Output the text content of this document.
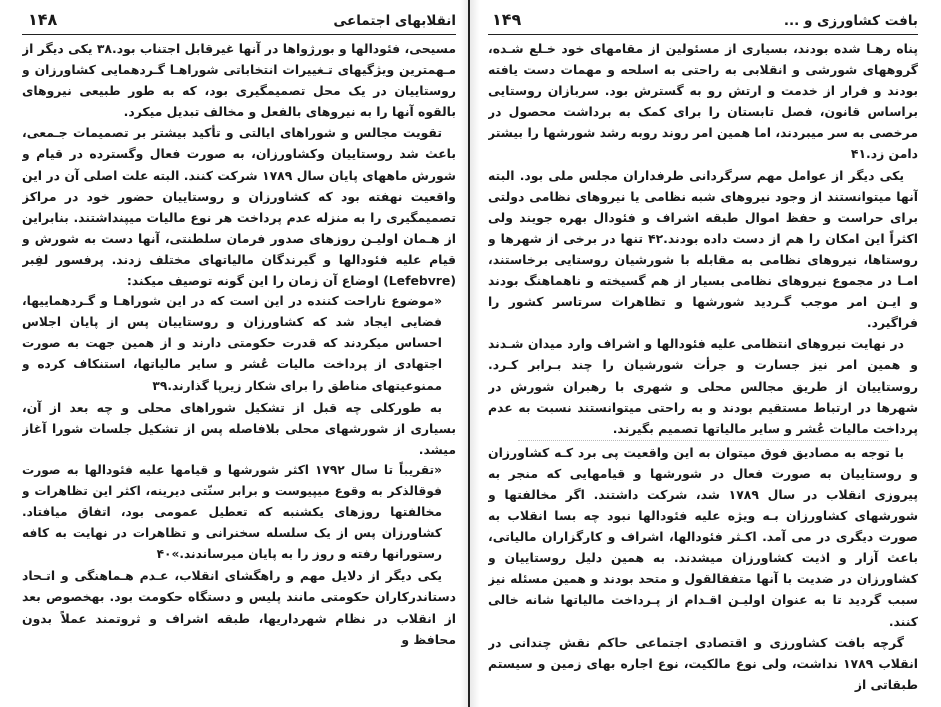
انقلابهای اجتماعی
۱۴۸

مسیحی، فئودالها و بورژواها در آنها غیرقابل اجتناب بود.۳۸ یکی دیگر از مـهمترین ویژگیهای تـغییرات انتخاباتی شوراهـا گـردهمایی کشاورزان و روستاییان در یک محل تصمیمگیری بود، که به طور طبیعی نیروهای بالقوه آنها را به نیروهای بالفعل و مخالف تبدیل میکرد.

تقویت مجالس و شوراهای ایالتی و تأکید بیشتر بر تصمیمات جـمعی، باعث شد روستاییان وکشاورزان، به صورت فعال وگسترده در قیام و شورش ماههای پایان سال ۱۷۸۹ شرکت کنند. البته علت اصلی آن در این واقعیت نهفته بود که کشاورزان و روستاییان حضور خود در مراکز تصمیمگیری را به منزله عدم پرداخت هر نوع مالیات میپنداشتند. بنابراین از هـمان اولیـن روزهای صدور فرمان سلطنتی، آنها دست به شورش و قیام علیه فئودالها و گیرندگان مالیاتهای مختلف زدند. پرفسور لفِبر (Lefebvre) اوضاع آن زمان را این گونه توصیف میکند:

«موضوع ناراحت کننده در این است که در این شوراهـا و گـردهماییها، فضایی ایجاد شد که کشاورزان و روستاییان پس از پایان اجلاس احساس میکردند که قدرت حکومتی دارند و از همین جهت به صورت اجتهادی از پرداخت مالیات عُشر و سایر مالیاتها، استنکاف کرده و ممنوعیتهای مناطق را برای شکار زیرپا گذارند.۳۹

به طورکلی چه قبل از تشکیل شوراهای محلی و چه بعد از آن، بسیاری از شورشهای محلی بلافاصله پس از تشکیل جلسات شورا آغاز میشد.

«تقریباً تا سال ۱۷۹۲ اکثر شورشها و قیامها علیه فئودالها به صورت فوقالذکر به وقوع میپیوست و برابر سنّتی دیرینه، اکثر این تظاهرات و مخالفتها روزهای یکشنبه که تعطیل عمومی بود، اتفاق میافتاد. کشاورزان پس از یک سلسله سخنرانی و تظاهرات در نهایت به کافه رستورانها رفته و روز را به پایان میرساندند.»۴۰

یکی دیگر از دلایل مهم و راهگشای انقلاب، عـدم هـماهنگی و اتـحاد دستاندرکاران حکومتی مانند پلیس و دستگاه حکومت بود. بهخصوص بعد از انقلاب در نظام شهرداریها، طبقه اشراف و ثروتمند عملاً بدون محافظ و

بافت کشاورزی و ...
۱۴۹

پناه رهـا شده بودند، بسیاری از مسئولین از مقامهای خود خـلع شـده، گروههای شورشی و انقلابی به راحتی به اسلحه و مهمات دست یافته بودند و فرار از خدمت و ارتش رو به گسترش بود. سربازان روستایی براساس قانون، فصل تابستان را برای کمک به برداشت محصول در مرخصی به سر میبردند، اما همین امر روند روبه رشد شورشها را بیشتر دامن زد.۴۱

یکی دیگر از عوامل مهم سرگردانی طرفداران مجلس ملی بود. البته آنها میتوانستند از وجود نیروهای شبه نظامی یا نیروهای نظامی دولتی برای حراست و حفظ اموال طبقه اشراف و فئودال بهره جویند ولی اکثراً این امکان را هم از دست داده بودند.۴۲ تنها در برخی از شهرها و روستاها، نیروهای نظامی به مقابله با شورشیان روستایی برخاستند، امـا در مجموع نیروهای نظامی بسیار از هم گسیخته و ناهماهنگ بودند و ایـن امر موجب گـردید شورشها و تظاهرات سرتاسر کشور را فراگیرد.

در نهایت نیروهای انتظامی علیه فئودالها و اشراف وارد میدان شـدند و همین امر نیز جسارت و جرأت شورشیان را چند بـرابر کـرد. روستاییان از طریق مجالس محلی و شهری با رهبران شورش در شهرها در ارتباط مستقیم بودند و به راحتی میتوانستند نسبت به عدم پرداخت مالیات عُشر و سایر مالیاتها تصمیم بگیرند.

با توجه به مصادیق فوق میتوان به این واقعیت پی برد کـه کشاورزان و روستاییان به صورت فعال در شورشها و قیامهایی که منجر به پیروزی انقلاب در سال ۱۷۸۹ شد، شرکت داشتند. اگر مخالفتها و شورشهای کشاورزان بـه ویژه علیه فئودالها نبود چه بسا انقلاب به صورت دیگری در می آمد. اکـثر فئودالها، اشراف و کارگزاران مالیاتی، باعث آزار و اذیت کشاورزان میشدند. به همین دلیل روستاییان و کشاورزان در ضدیت با آنها متفقالقول و متحد بودند و همین مسئله نیز سبب گردید تا به عنوان اولیـن اقـدام از پـرداخت مالیاتها شانه خالی کنند.

گرچه بافت کشاورزی و اقتصادی اجتماعی حاکم نقش چندانی در انقلاب ۱۷۸۹ نداشت، ولی نوع مالکیت، نوع اجاره بهای زمین و سیستم طبقاتی از
